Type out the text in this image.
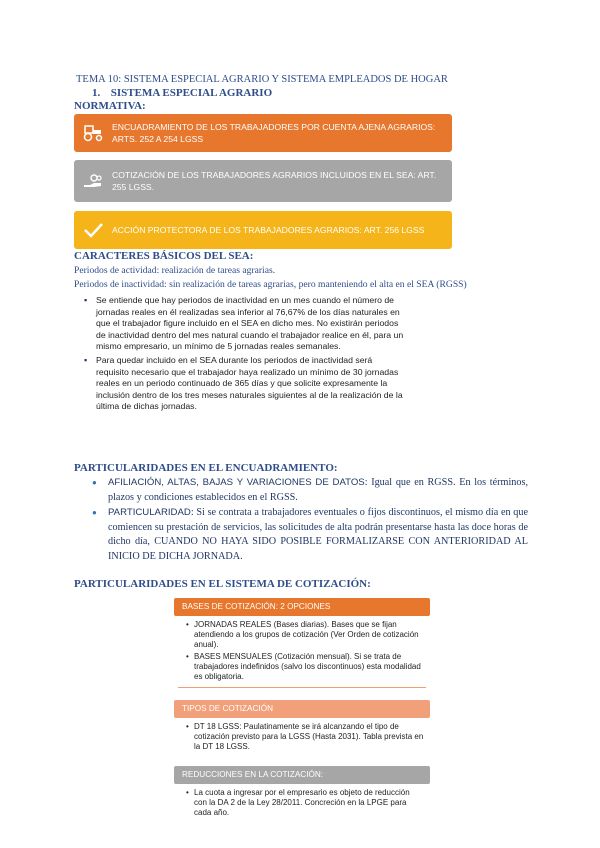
TEMA 10: SISTEMA ESPECIAL AGRARIO Y SISTEMA EMPLEADOS DE HOGAR
1. SISTEMA ESPECIAL AGRARIO
NORMATIVA:
ENCUADRAMIENTO DE LOS TRABAJADORES POR CUENTA AJENA AGRARIOS: ARTS. 252 A 254 LGSS
COTIZACIÓN DE LOS TRABAJADORES AGRARIOS INCLUIDOS EN EL SEA: ART. 255 LGSS.
ACCIÓN PROTECTORA DE LOS TRABAJADORES AGRARIOS: ART. 256 LGSS
CARACTERES BÁSICOS DEL SEA:
Periodos de actividad: realización de tareas agrarias.
Periodos de inactividad: sin realización de tareas agrarias, pero manteniendo el alta en el SEA (RGSS)
▪ Se entiende que hay periodos de inactividad en un mes cuando el número de jornadas reales en él realizadas sea inferior al 76,67% de los días naturales en que el trabajador figure incluido en el SEA en dicho mes. No existirán periodos de inactividad dentro del mes natural cuando el trabajador realice en él, para un mismo empresario, un mínimo de 5 jornadas reales semanales.
▪ Para quedar incluido en el SEA durante los periodos de inactividad será requisito necesario que el trabajador haya realizado un mínimo de 30 jornadas reales en un periodo continuado de 365 días y que solicite expresamente la inclusión dentro de los tres meses naturales siguientes al de la realización de la última de dichas jornadas.
PARTICULARIDADES EN EL ENCUADRAMIENTO:
● AFILIACIÓN, ALTAS, BAJAS Y VARIACIONES DE DATOS: Igual que en RGSS. En los términos, plazos y condiciones establecidos en el RGSS.
● PARTICULARIDAD: Si se contrata a trabajadores eventuales o fijos discontinuos, el mismo día en que comiencen su prestación de servicios, las solicitudes de alta podrán presentarse hasta las doce horas de dicho día, CUANDO NO HAYA SIDO POSIBLE FORMALIZARSE CON ANTERIORIDAD AL INICIO DE DICHA JORNADA.
PARTICULARIDADES EN EL SISTEMA DE COTIZACIÓN:
BASES DE COTIZACIÓN: 2 OPCIONES
• JORNADAS REALES (Bases diarias). Bases que se fijan atendiendo a los grupos de cotización (Ver Orden de cotización anual).
• BASES MENSUALES (Cotización mensual). Si se trata de trabajadores indefinidos (salvo los discontinuos) esta modalidad es obligatoria.
TIPOS DE COTIZACIÓN
• DT 18 LGSS: Paulatinamente se irá alcanzando el tipo de cotización previsto para la LGSS (Hasta 2031). Tabla prevista en la DT 18 LGSS.
REDUCCIONES EN LA COTIZACIÓN:
• La cuota a ingresar por el empresario es objeto de reducción con la DA 2 de la Ley 28/2011. Concreción en la LPGE para cada año.
